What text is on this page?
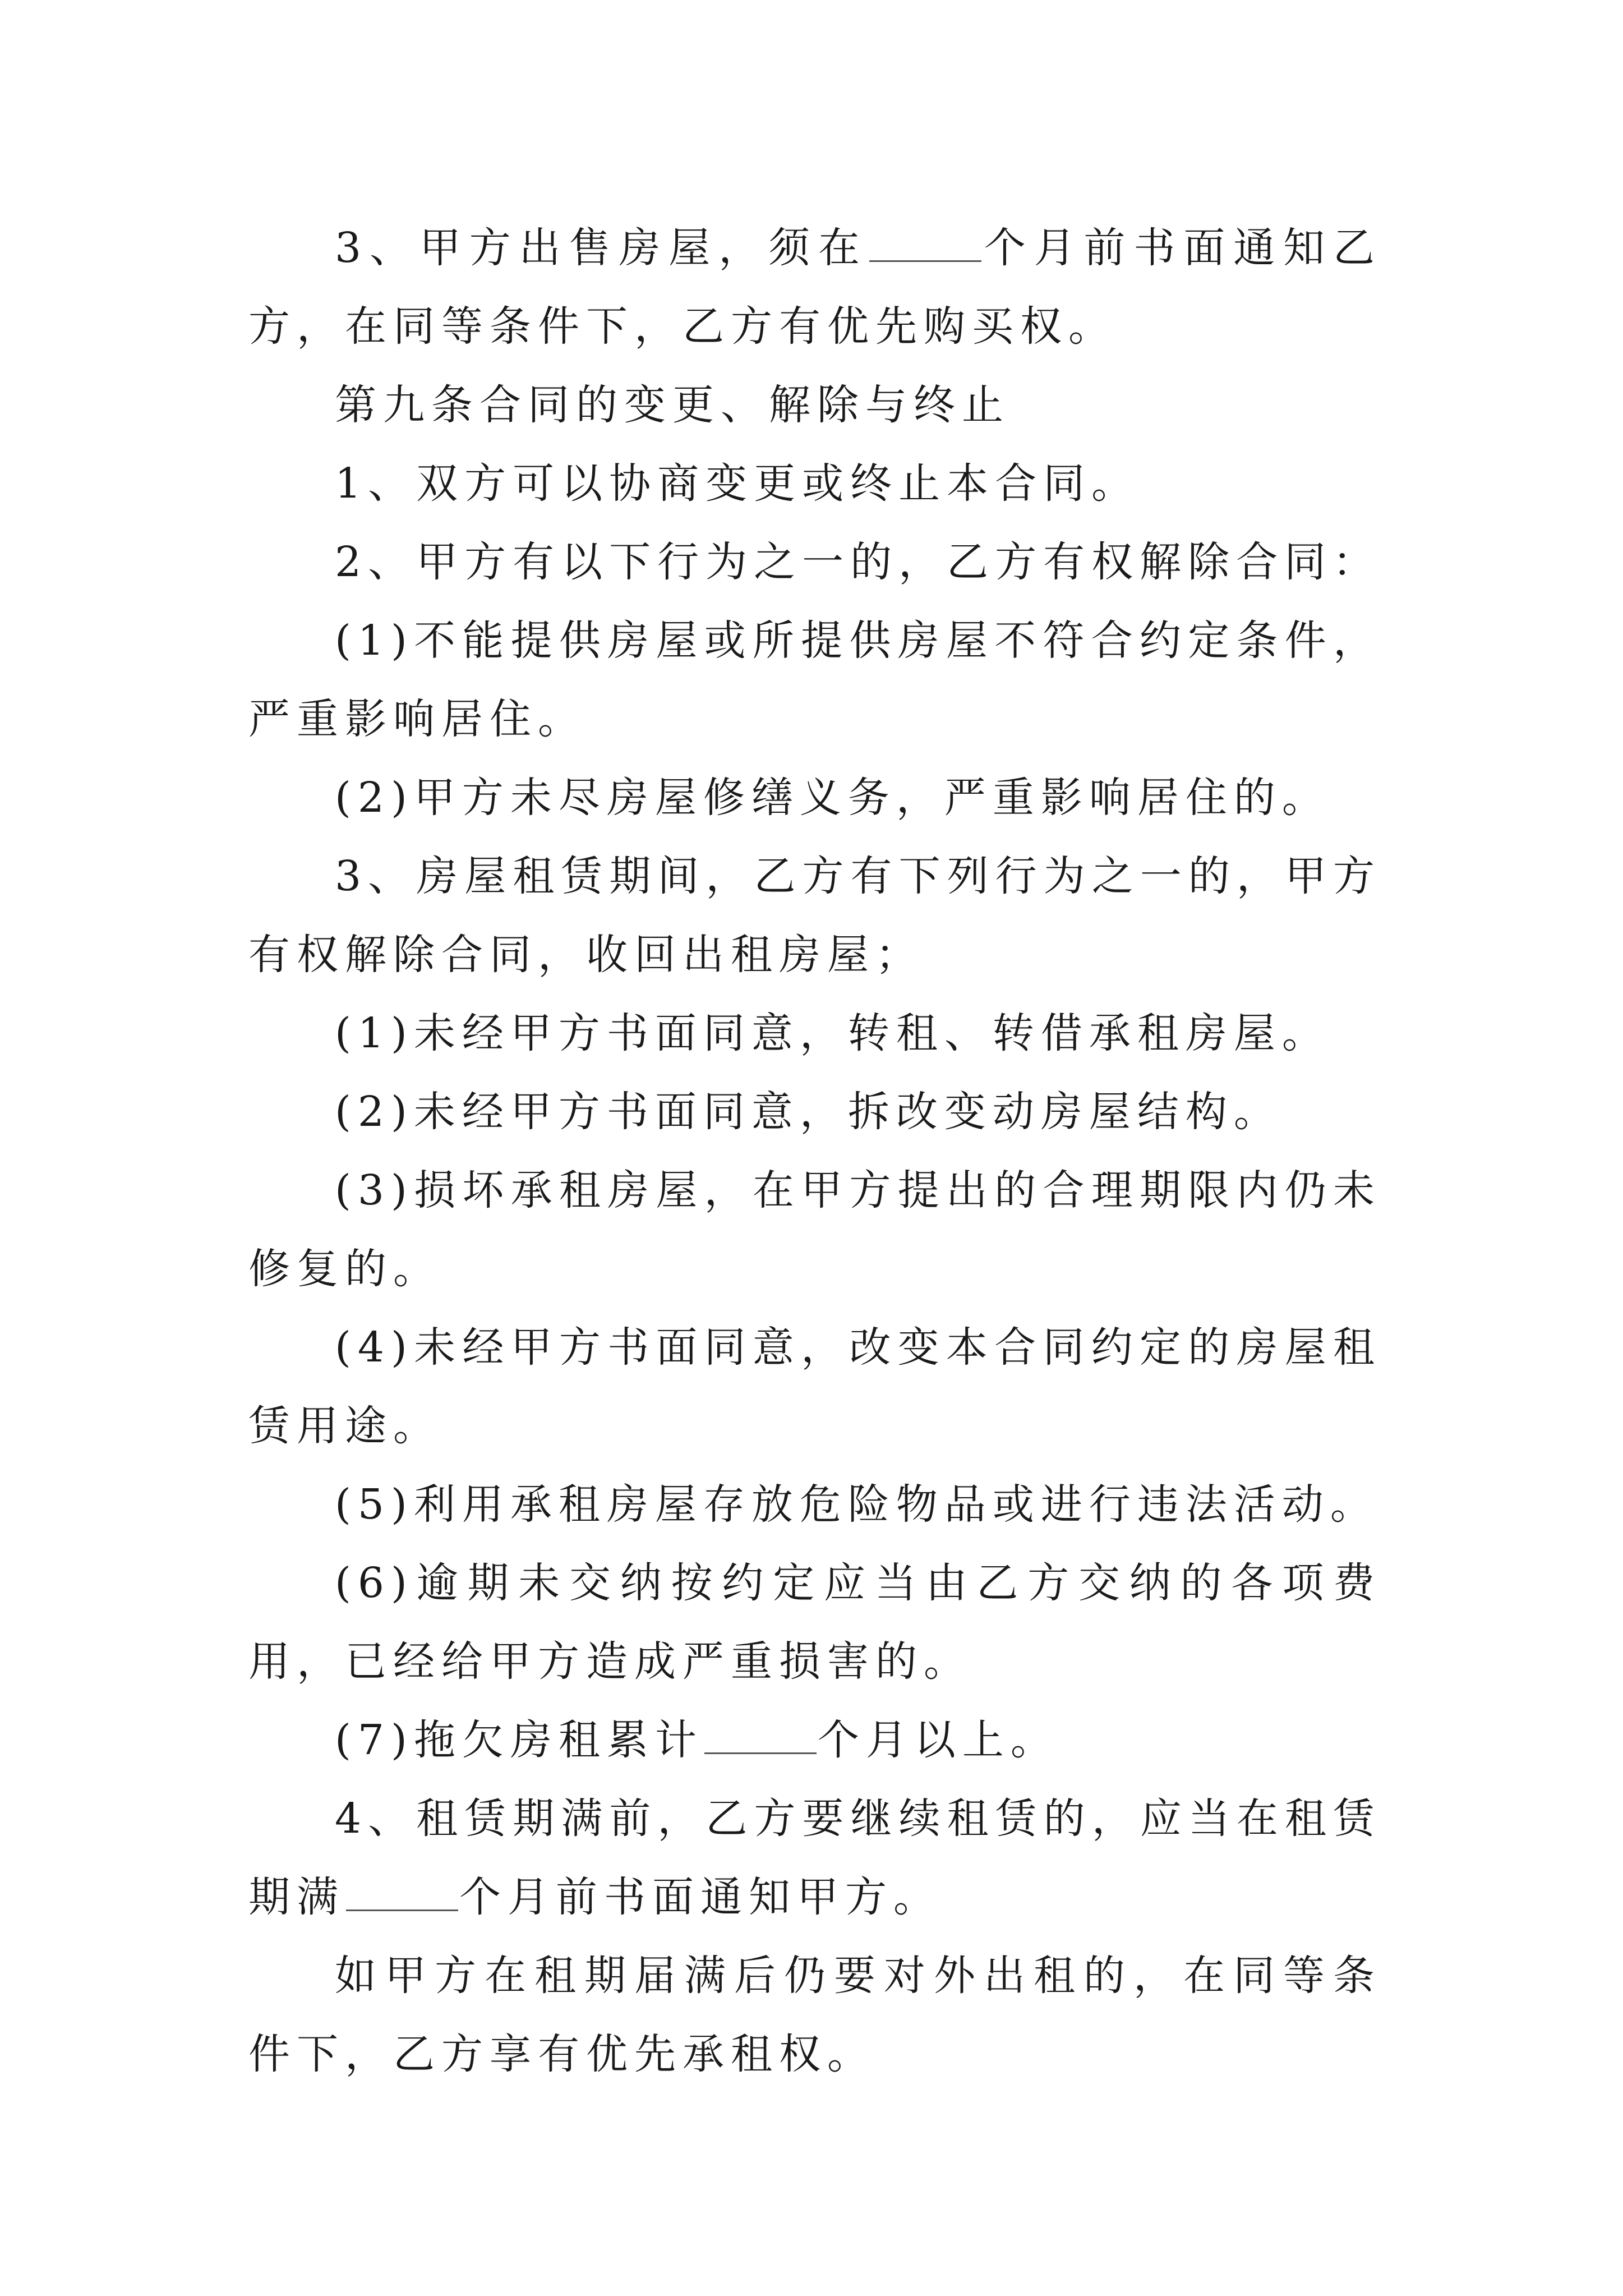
3、甲方出售房屋，须在	个月前书面通知乙方，在同等条件下，乙方有优先购买权。

第九条合同的变更、解除与终止

1、双方可以协商变更或终止本合同。

2、甲方有以下行为之一的，乙方有权解除合同：

(1)不能提供房屋或所提供房屋不符合约定条件，严重影响居住。

(2)甲方未尽房屋修缮义务，严重影响居住的。

3、房屋租赁期间，乙方有下列行为之一的，甲方有权解除合同，收回出租房屋；

(1)未经甲方书面同意，转租、转借承租房屋。

(2)未经甲方书面同意，拆改变动房屋结构。

(3)损坏承租房屋，在甲方提出的合理期限内仍未修复的。

(4)未经甲方书面同意，改变本合同约定的房屋租赁用途。

(5)利用承租房屋存放危险物品或进行违法活动。

(6)逾期未交纳按约定应当由乙方交纳的各项费用，已经给甲方造成严重损害的。

(7)拖欠房租累计	个月以上。

4、租赁期满前，乙方要继续租赁的，应当在租赁期满	个月前书面通知甲方。

如甲方在租期届满后仍要对外出租的，在同等条件下，乙方享有优先承租权。
